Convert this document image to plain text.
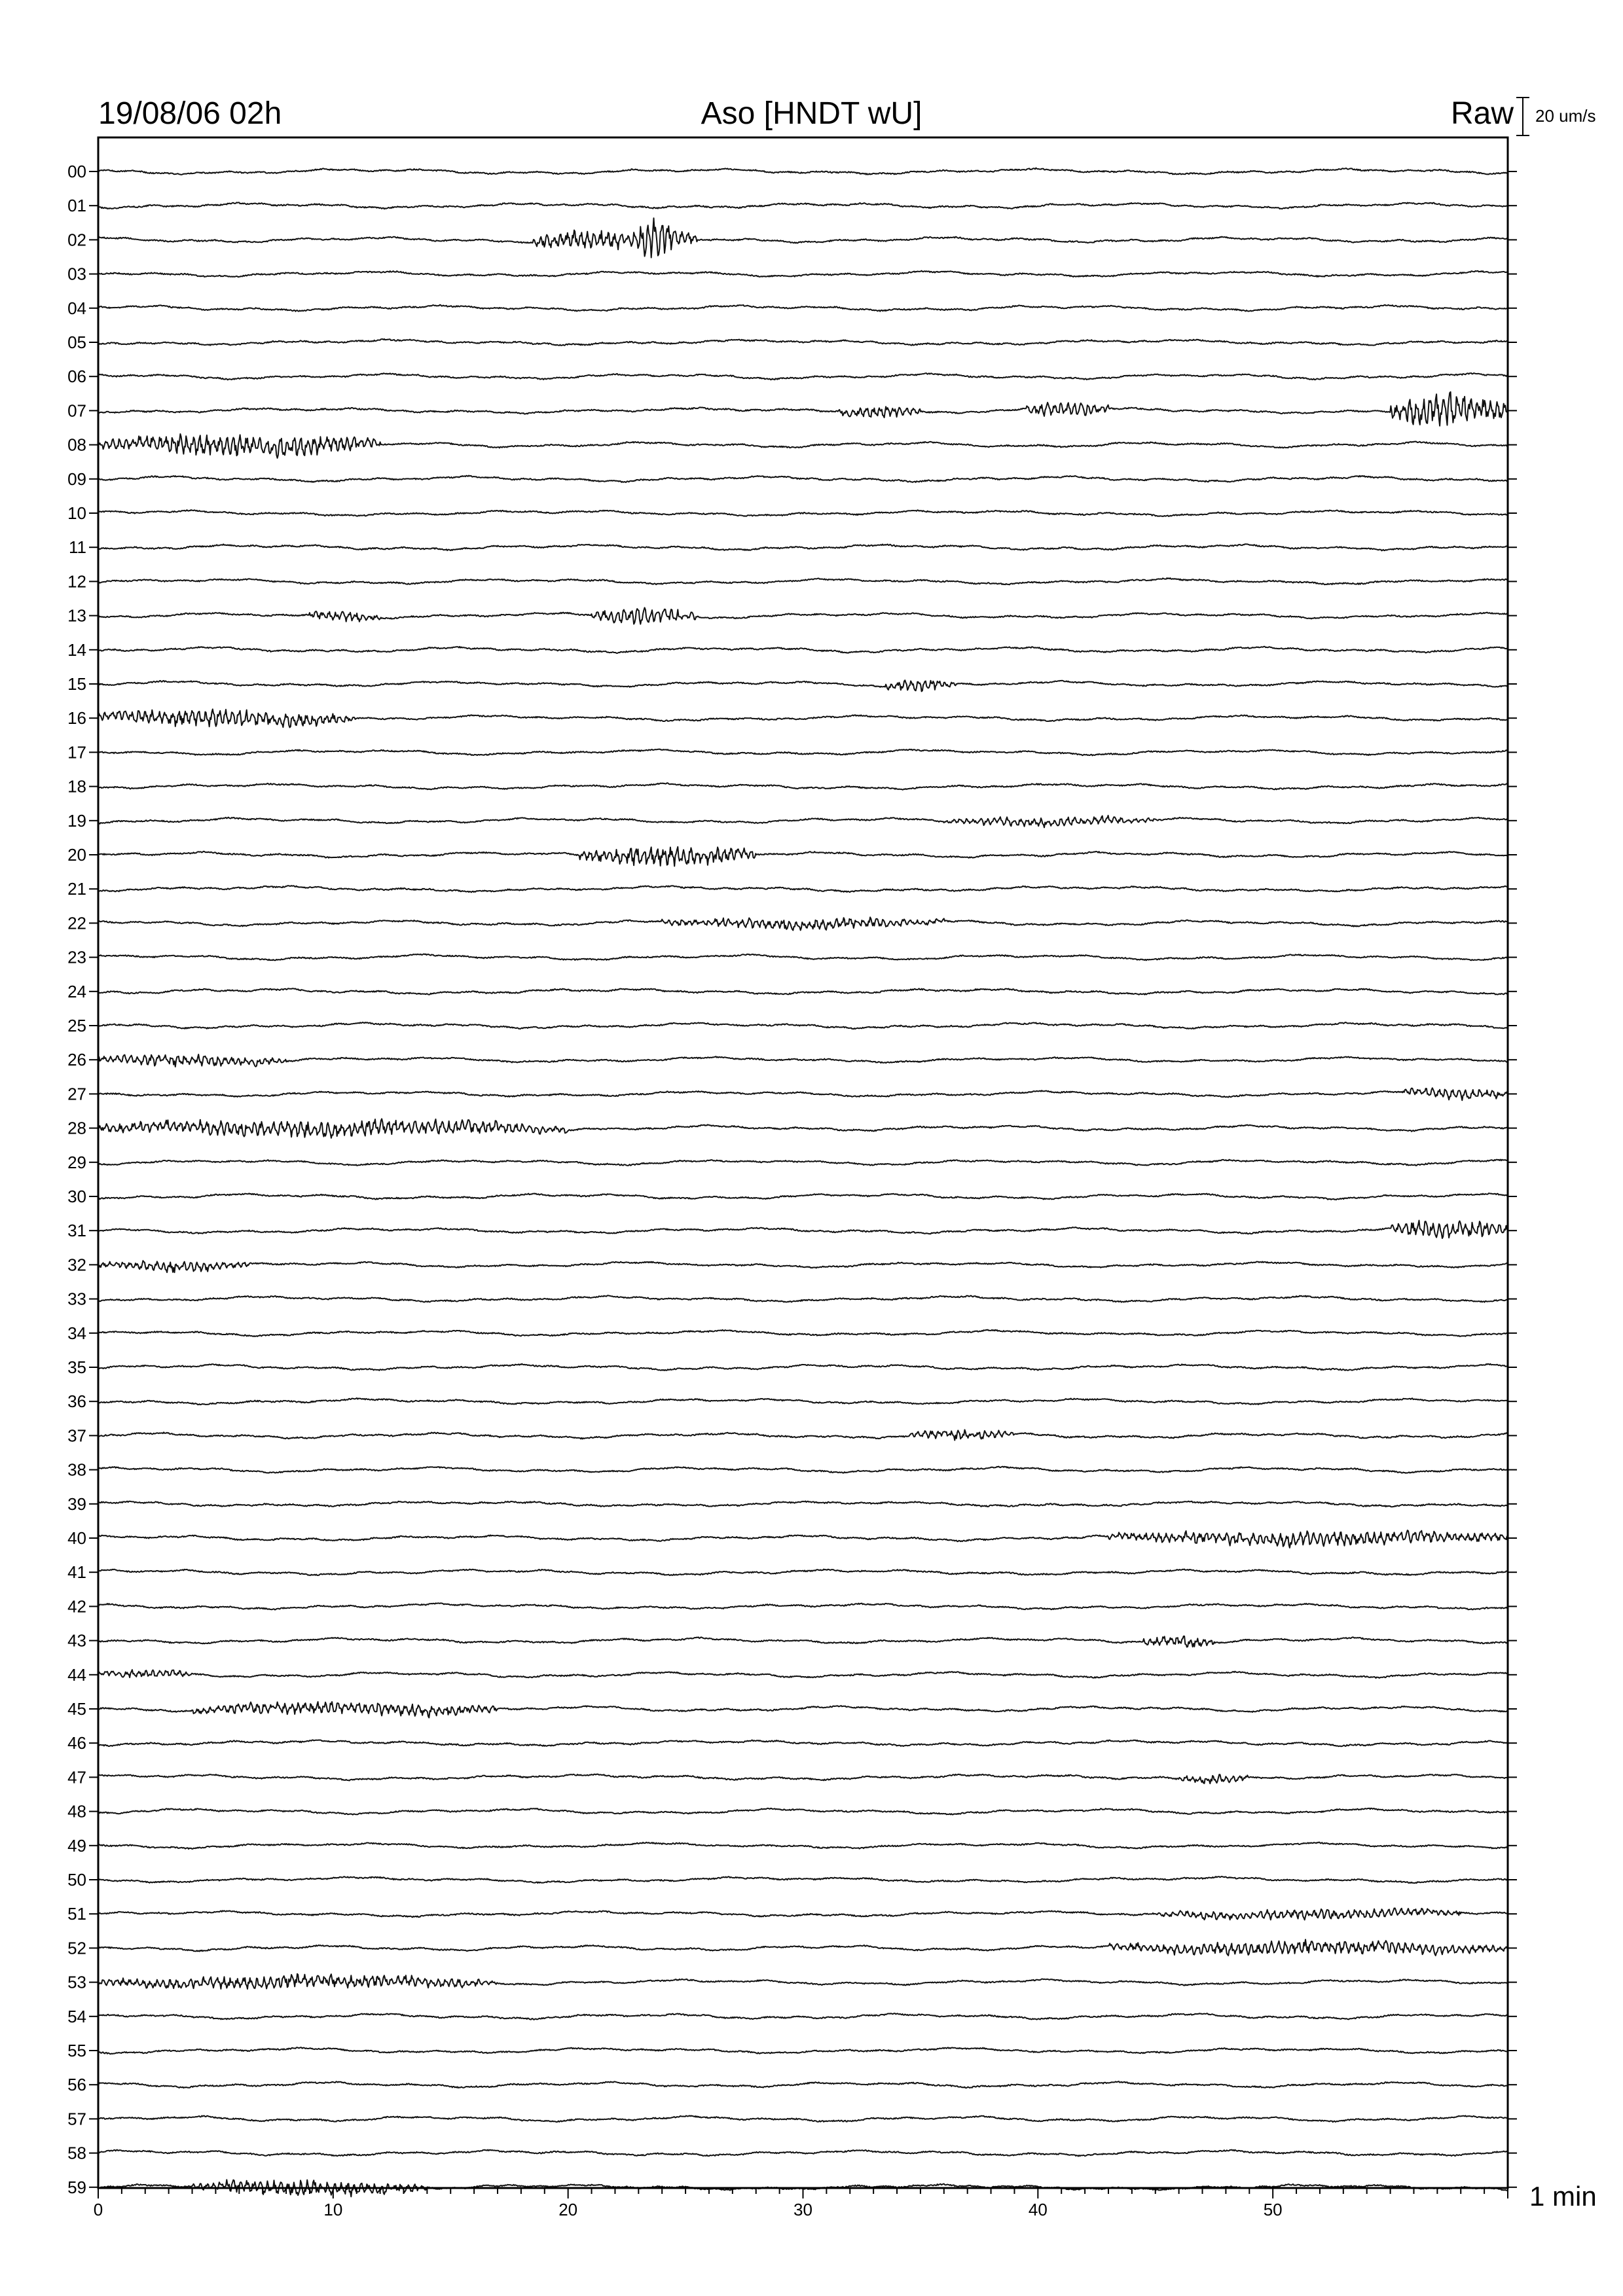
19/08/06 02h	Aso [HNDT wU]	Raw 20 um/s
1 min
00
01
02
03
04
05
06
07
08
09
10
11
12
13
14
15
16
17
18
19
20
21
22
23
24
25
26
27
28
29
30
31
32
33
34
35
36
37
38
39
40
41
42
43
44
45
46
47
48
49
50
51
52
53
54
55
56
57
58
59
0	10	20	30	40	50
